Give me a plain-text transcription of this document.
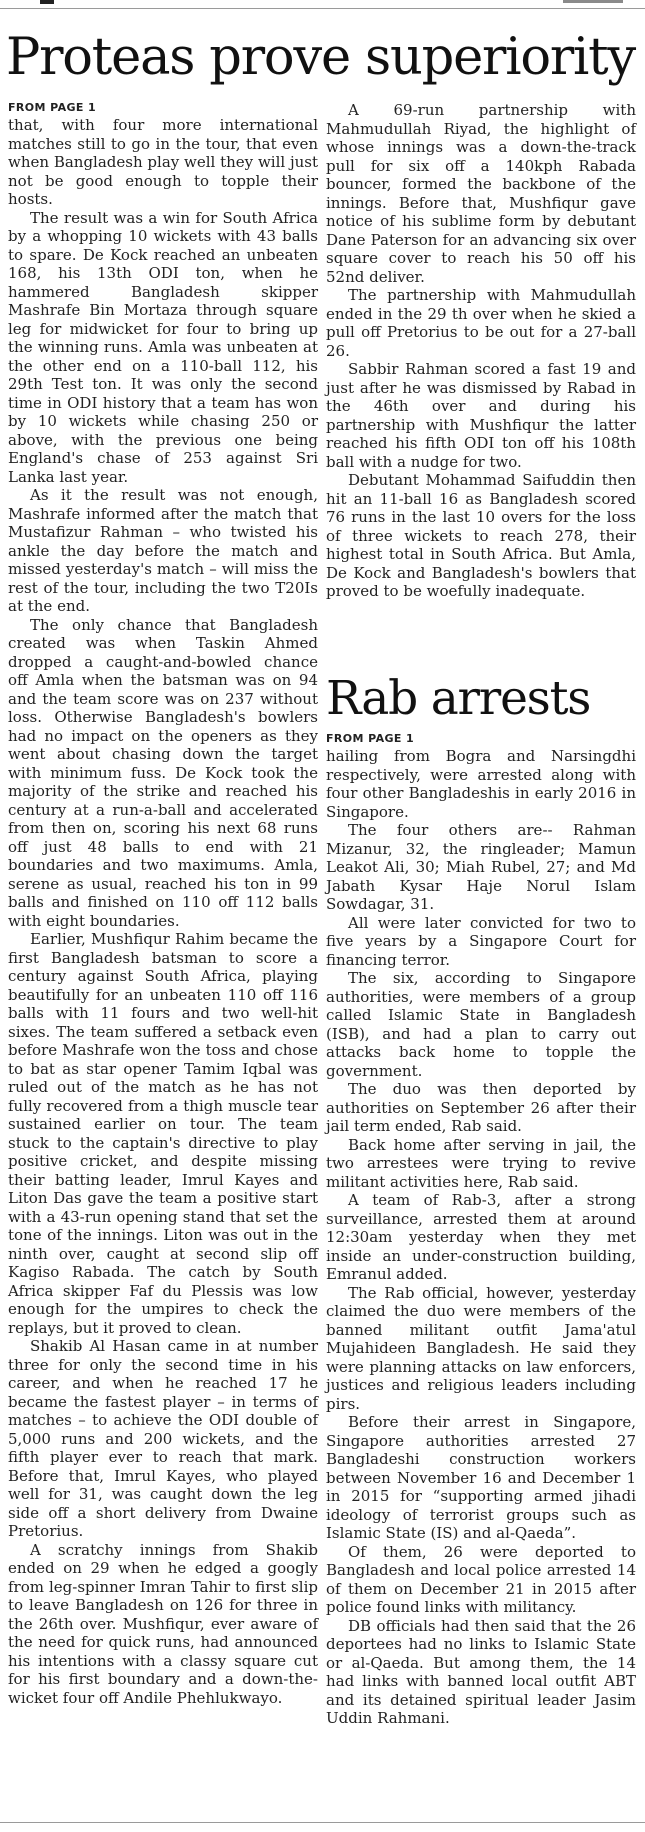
Proteas prove superiority
FROM PAGE 1

that, with four more international matches still to go in the tour, that even when Bangladesh play well they will just not be good enough to topple their hosts.

The result was a win for South Africa by a whopping 10 wickets with 43 balls to spare. De Kock reached an unbeaten 168, his 13th ODI ton, when he hammered Bangladesh skipper Mashrafe Bin Mortaza through square leg for midwicket for four to bring up the winning runs. Amla was unbeaten at the other end on a 110-ball 112, his 29th Test ton. It was only the second time in ODI history that a team has won by 10 wickets while chasing 250 or above, with the previous one being England's chase of 253 against Sri Lanka last year.

As it the result was not enough, Mashrafe informed after the match that Mustafizur Rahman – who twisted his ankle the day before the match and missed yesterday's match – will miss the rest of the tour, including the two T20Is at the end.

The only chance that Bangladesh created was when Taskin Ahmed dropped a caught-and-bowled chance off Amla when the batsman was on 94 and the team score was on 237 without loss. Otherwise Bangladesh's bowlers had no impact on the openers as they went about chasing down the target with minimum fuss. De Kock took the majority of the strike and reached his century at a run-a-ball and accelerated from then on, scoring his next 68 runs off just 48 balls to end with 21 boundaries and two maximums. Amla, serene as usual, reached his ton in 99 balls and finished on 110 off 112 balls with eight boundaries.

Earlier, Mushfiqur Rahim became the first Bangladesh batsman to score a century against South Africa, playing beautifully for an unbeaten 110 off 116 balls with 11 fours and two well-hit sixes. The team suffered a setback even before Mashrafe won the toss and chose to bat as star opener Tamim Iqbal was ruled out of the match as he has not fully recovered from a thigh muscle tear sustained earlier on tour. The team stuck to the captain's directive to play positive cricket, and despite missing their batting leader, Imrul Kayes and Liton Das gave the team a positive start with a 43-run opening stand that set the tone of the innings. Liton was out in the ninth over, caught at second slip off Kagiso Rabada. The catch by South Africa skipper Faf du Plessis was low enough for the umpires to check the replays, but it proved to clean.

Shakib Al Hasan came in at number three for only the second time in his career, and when he reached 17 he became the fastest player – in terms of matches – to achieve the ODI double of 5,000 runs and 200 wickets, and the fifth player ever to reach that mark. Before that, Imrul Kayes, who played well for 31, was caught down the leg side off a short delivery from Dwaine Pretorius.

A scratchy innings from Shakib ended on 29 when he edged a googly from leg-spinner Imran Tahir to first slip to leave Bangladesh on 126 for three in the 26th over. Mushfiqur, ever aware of the need for quick runs, had announced his intentions with a classy square cut for his first boundary and a down-the-wicket four off Andile Phehlukwayo.

A 69-run partnership with Mahmudullah Riyad, the highlight of whose innings was a down-the-track pull for six off a 140kph Rabada bouncer, formed the backbone of the innings. Before that, Mushfiqur gave notice of his sublime form by debutant Dane Paterson for an advancing six over square cover to reach his 50 off his 52nd deliver.

The partnership with Mahmudullah ended in the 29 th over when he skied a pull off Pretorius to be out for a 27-ball 26.

Sabbir Rahman scored a fast 19 and just after he was dismissed by Rabad in the 46th over and during his partnership with Mushfiqur the latter reached his fifth ODI ton off his 108th ball with a nudge for two.

Debutant Mohammad Saifuddin then hit an 11-ball 16 as Bangladesh scored 76 runs in the last 10 overs for the loss of three wickets to reach 278, their highest total in South Africa. But Amla, De Kock and Bangladesh's bowlers that proved to be woefully inadequate.

Rab arrests
FROM PAGE 1

hailing from Bogra and Narsingdhi respectively, were arrested along with four other Bangladeshis in early 2016 in Singapore.

The four others are-- Rahman Mizanur, 32, the ringleader; Mamun Leakot Ali, 30; Miah Rubel, 27; and Md Jabath Kysar Haje Norul Islam Sowdagar, 31.

All were later convicted for two to five years by a Singapore Court for financing terror.

The six, according to Singapore authorities, were members of a group called Islamic State in Bangladesh (ISB), and had a plan to carry out attacks back home to topple the government.

The duo was then deported by authorities on September 26 after their jail term ended, Rab said.

Back home after serving in jail, the two arrestees were trying to revive militant activities here, Rab said.

A team of Rab-3, after a strong surveillance, arrested them at around 12:30am yesterday when they met inside an under-construction building, Emranul added.

The Rab official, however, yesterday claimed the duo were members of the banned militant outfit Jama'atul Mujahideen Bangladesh. He said they were planning attacks on law enforcers, justices and religious leaders including pirs.

Before their arrest in Singapore, Singapore authorities arrested 27 Bangladeshi construction workers between November 16 and December 1 in 2015 for “supporting armed jihadi ideology of terrorist groups such as Islamic State (IS) and al-Qaeda”.

Of them, 26 were deported to Bangladesh and local police arrested 14 of them on December 21 in 2015 after police found links with militancy.

DB officials had then said that the 26 deportees had no links to Islamic State or al-Qaeda. But among them, the 14 had links with banned local outfit ABT and its detained spiritual leader Jasim Uddin Rahmani.
